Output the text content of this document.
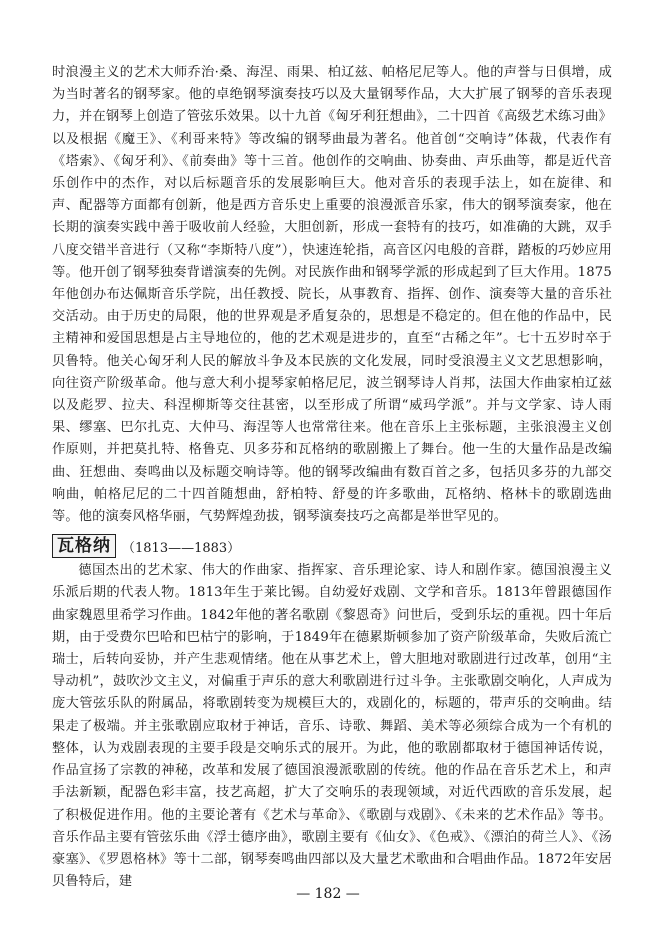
时浪漫主义的艺术大师乔治·桑、海涅、雨果、柏辽兹、帕格尼尼等人。他的声誉与日俱增，成为当时著名的钢琴家。他的卓绝钢琴演奏技巧以及大量钢琴作品，大大扩展了钢琴的音乐表现力，并在钢琴上创造了管弦乐效果。以十九首《匈牙利狂想曲》，二十四首《高级艺术练习曲》以及根据《魔王》、《利哥来特》等改编的钢琴曲最为著名。他首创“交响诗”体裁，代表作有《塔索》、《匈牙利》、《前奏曲》等十三首。他创作的交响曲、协奏曲、声乐曲等，都是近代音乐创作中的杰作，对以后标题音乐的发展影响巨大。他对音乐的表现手法上，如在旋律、和声、配器等方面都有创新，他是西方音乐史上重要的浪漫派音乐家，伟大的钢琴演奏家，他在长期的演奏实践中善于吸收前人经验，大胆创新，形成一套特有的技巧，如准确的大跳，双手八度交错半音进行（又称“李斯特八度”），快速连轮指，高音区闪电般的音群，踏板的巧妙应用等。他开创了钢琴独奏背谱演奏的先例。对民族作曲和钢琴学派的形成起到了巨大作用。1875年他创办布达佩斯音乐学院，出任教授、院长，从事教育、指挥、创作、演奏等大量的音乐社交活动。由于历史的局限，他的世界观是矛盾复杂的，思想是不稳定的。但在他的作品中，民主精神和爱国思想是占主导地位的，他的艺术观是进步的，直至“古稀之年”。七十五岁时卒于贝鲁特。他关心匈牙利人民的解放斗争及本民族的文化发展，同时受浪漫主义文艺思想影响，向往资产阶级革命。他与意大利小提琴家帕格尼尼，波兰钢琴诗人肖邦，法国大作曲家柏辽兹以及彪罗、拉夫、科涅柳斯等交往甚密，以至形成了所谓“威玛学派”。并与文学家、诗人雨果、缪塞、巴尔扎克、大仲马、海涅等人也常常往来。他在音乐上主张标题，主张浪漫主义创作原则，并把莫扎特、格鲁克、贝多芬和瓦格纳的歌剧搬上了舞台。他一生的大量作品是改编曲、狂想曲、奏鸣曲以及标题交响诗等。他的钢琴改编曲有数百首之多，包括贝多芬的九部交响曲，帕格尼尼的二十四首随想曲，舒柏特、舒曼的许多歌曲，瓦格纳、格林卡的歌剧选曲等。他的演奏风格华丽，气势辉煌劲拔，钢琴演奏技巧之高都是举世罕见的。

瓦格纳 （1813——1883）

德国杰出的艺术家、伟大的作曲家、指挥家、音乐理论家、诗人和剧作家。德国浪漫主义乐派后期的代表人物。1813年生于莱比锡。自幼爱好戏剧、文学和音乐。1813年曾跟德国作曲家魏恩里希学习作曲。1842年他的著名歌剧《黎恩奇》问世后，受到乐坛的重视。四十年后期，由于受费尔巴哈和巴枯宁的影响，于1849年在德累斯顿参加了资产阶级革命，失败后流亡瑞士，后转向妥协，并产生悲观情绪。他在从事艺术上，曾大胆地对歌剧进行过改革，创用“主导动机”，鼓吹沙文主义，对偏重于声乐的意大利歌剧进行过斗争。主张歌剧交响化，人声成为庞大管弦乐队的附属品，将歌剧转变为规模巨大的，戏剧化的，标题的，带声乐的交响曲。结果走了极端。并主张歌剧应取材于神话，音乐、诗歌、舞蹈、美术等必须综合成为一个有机的整体，认为戏剧表现的主要手段是交响乐式的展开。为此，他的歌剧都取材于德国神话传说，作品宣扬了宗教的神秘，改革和发展了德国浪漫派歌剧的传统。他的作品在音乐艺术上，和声手法新颖，配器色彩丰富，技艺高超，扩大了交响乐的表现领域，对近代西欧的音乐发展，起了积极促进作用。他的主要论著有《艺术与革命》、《歌剧与戏剧》、《未来的艺术作品》等书。音乐作品主要有管弦乐曲《浮士德序曲》，歌剧主要有《仙女》、《色戒》、《漂泊的荷兰人》、《汤豪塞》、《罗恩格林》等十二部，钢琴奏鸣曲四部以及大量艺术歌曲和合唱曲作品。1872年安居贝鲁特后，建

— 182 —
